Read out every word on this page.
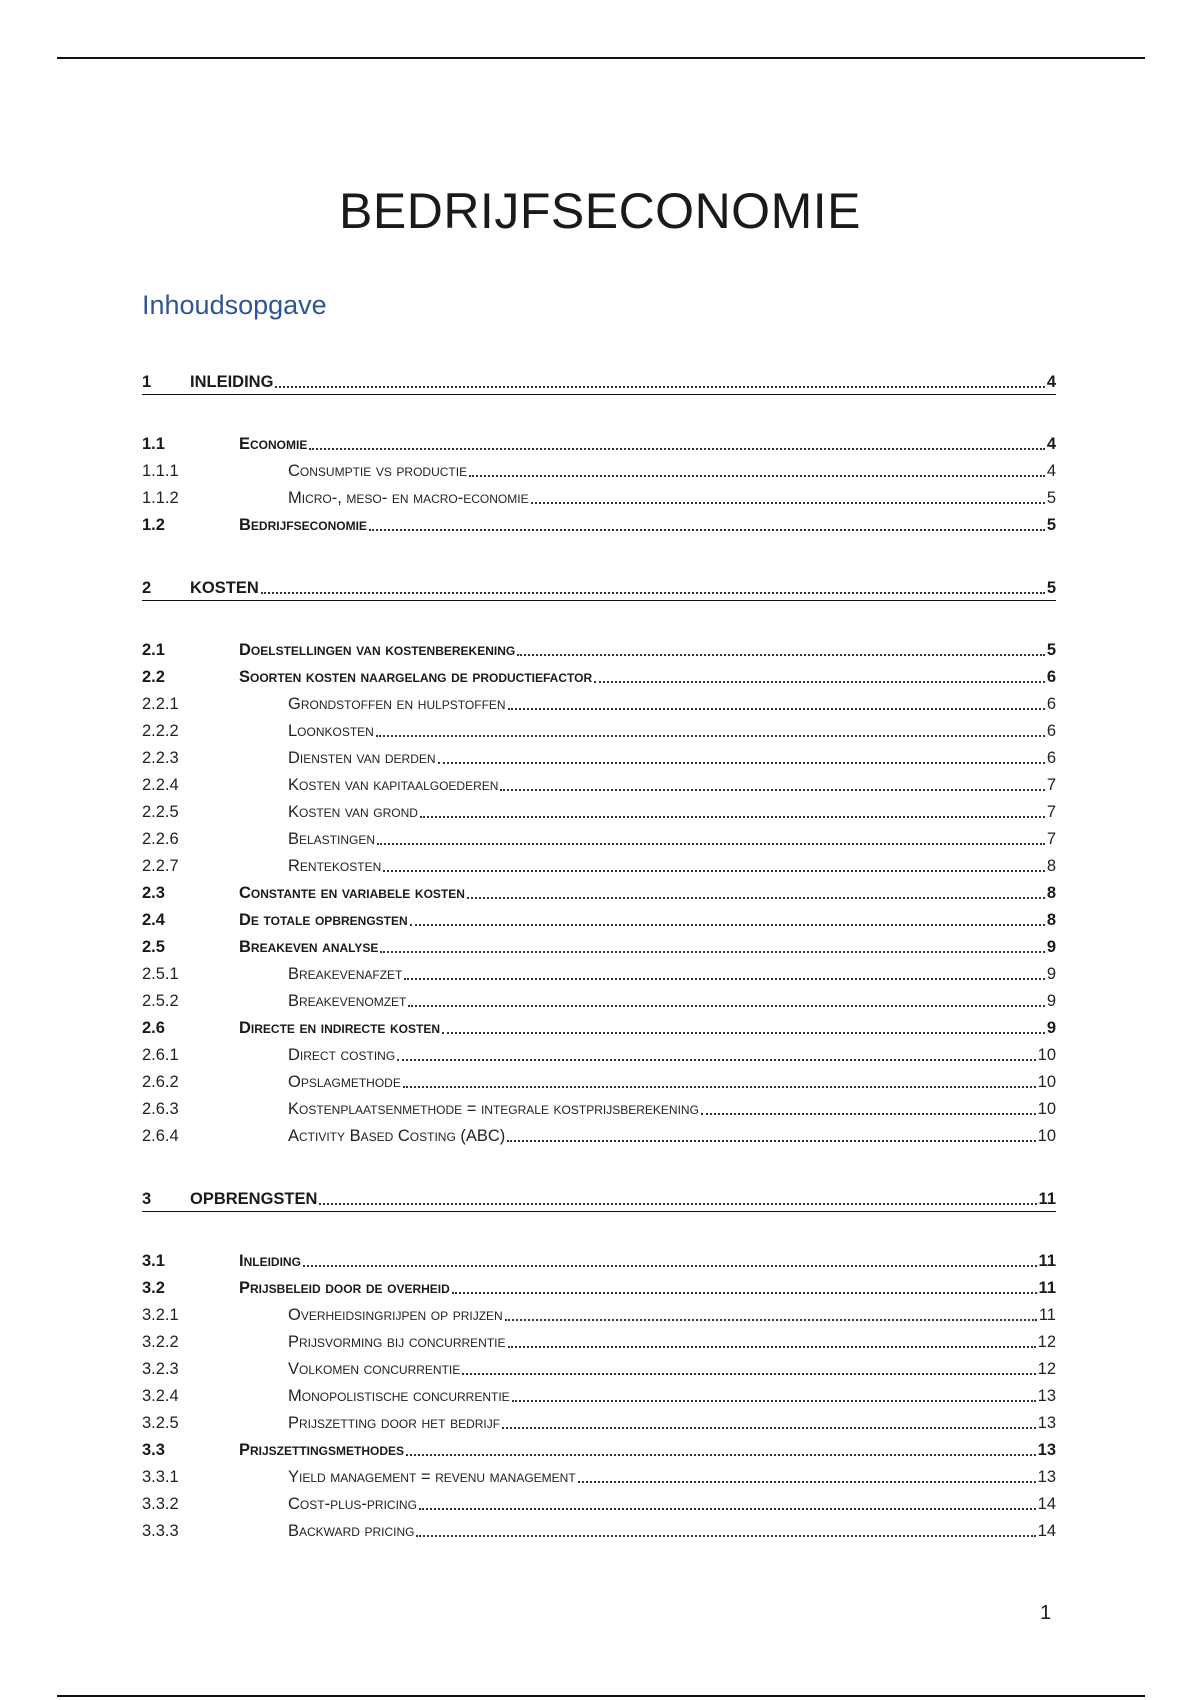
BEDRIJFSECONOMIE
Inhoudsopgave
1	INLEIDING	4
1.1	Economie	4
1.1.1	Consumptie vs productie	4
1.1.2	Micro-, meso- en macro-economie	5
1.2	Bedrijfseconomie	5
2	KOSTEN	5
2.1	Doelstellingen van kostenberekening	5
2.2	Soorten kosten naargelang de productiefactor	6
2.2.1	Grondstoffen en hulpstoffen	6
2.2.2	Loonkosten	6
2.2.3	Diensten van derden	6
2.2.4	Kosten van kapitaalgoederen	7
2.2.5	Kosten van grond	7
2.2.6	Belastingen	7
2.2.7	Rentekosten	8
2.3	Constante en variabele kosten	8
2.4	De totale opbrengsten	8
2.5	Breakeven analyse	9
2.5.1	Breakevenafzet	9
2.5.2	Breakevenomzet	9
2.6	Directe en indirecte kosten	9
2.6.1	Direct costing	10
2.6.2	Opslagmethode	10
2.6.3	Kostenplaatsenmethode = integrale kostprijsberekening	10
2.6.4	Activity Based Costing (ABC)	10
3	OPBRENGSTEN	11
3.1	Inleiding	11
3.2	Prijsbeleid door de overheid	11
3.2.1	Overheidsingrijpen op prijzen	11
3.2.2	Prijsvorming bij concurrentie	12
3.2.3	Volkomen concurrentie	12
3.2.4	Monopolistische concurrentie	13
3.2.5	Prijszetting door het bedrijf	13
3.3	Prijszettingsmethodes	13
3.3.1	Yield management = revenu management	13
3.3.2	Cost-plus-pricing	14
3.3.3	Backward pricing	14
1
